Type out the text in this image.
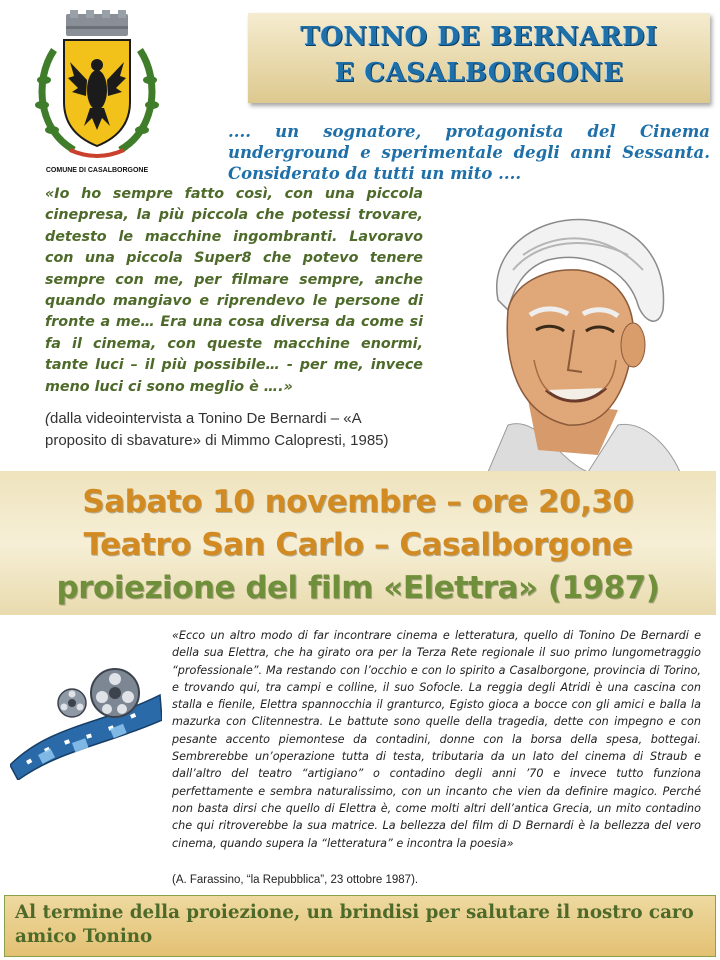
COMUNE DI CASALBORGONE
TONINO DE BERNARDI
E CASALBORGONE
.... un sognatore, protagonista del Cinema underground e sperimentale degli anni Sessanta. Considerato da tutti un mito ....
«Io ho sempre fatto così, con una piccola cinepresa, la più piccola che potessi trovare, detesto le macchine ingombranti. Lavoravo con una piccola Super8 che potevo tenere sempre con me, per filmare sempre, anche quando mangiavo e riprendevo le persone di fronte a me… Era una cosa diversa da come si fa il cinema, con queste macchine enormi, tante luci – il più possibile… - per me, invece meno luci ci sono meglio è ….»
(dalla videointervista a Tonino De Bernardi – «A proposito di sbavature» di Mimmo Calopresti, 1985)
Sabato 10 novembre – ore 20,30
Teatro San Carlo – Casalborgone
proiezione del film «Elettra» (1987)
«Ecco un altro modo di far incontrare cinema e letteratura, quello di Tonino De Bernardi e della sua Elettra, che ha girato ora per la Terza Rete regionale il suo primo lungometraggio “professionale”. Ma restando con l’occhio e con lo spirito a Casalborgone, provincia di Torino, e trovando qui, tra campi e colline, il suo Sofocle. La reggia degli Atridi è una cascina con stalla e fienile, Elettra spannocchia il granturco, Egisto gioca a bocce con gli amici e balla la mazurka con Clitennestra. Le battute sono quelle della tragedia, dette con impegno e con pesante accento piemontese da contadini, donne con la borsa della spesa, bottegai. Sembrerebbe un’operazione tutta di testa, tributaria da un lato del cinema di Straub e dall’altro del teatro “artigiano” o contadino degli anni ’70 e invece tutto funziona perfettamente e sembra naturalissimo, con un incanto che vien da definire magico. Perché non basta dirsi che quello di Elettra è, come molti altri dell’antica Grecia, un mito contadino che qui ritroverebbe la sua matrice. La bellezza del film di D Bernardi è la bellezza del vero cinema, quando supera la “letteratura” e incontra la poesia»
(A. Farassino, “la Repubblica”, 23 ottobre 1987).
Al termine della proiezione, un brindisi per salutare il nostro caro amico Tonino
